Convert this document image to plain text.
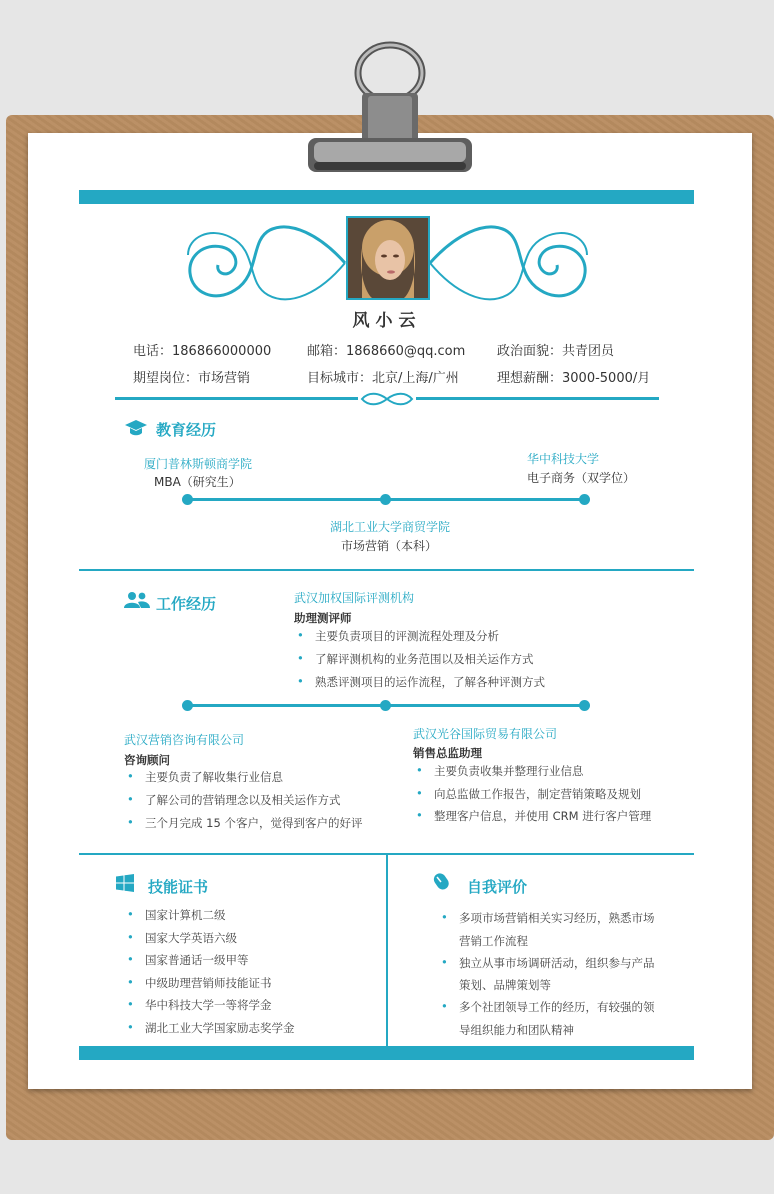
风小云
电话：186866000000	邮箱：1868660@qq.com 政治面貌：共青团员
期望岗位：市场营销	目标城市：北京/上海/广州	理想薪酬：3000-5000/月
教育经历
厦门普林斯顿商学院
MBA（研究生）
华中科技大学
电子商务（双学位）
湖北工业大学商贸学院
市场营销（本科）
工作经历	武汉加权国际评测机构
助理测评师
• 主要负责项目的评测流程处理及分析
• 了解评测机构的业务范围以及相关运作方式
• 熟悉评测项目的运作流程，了解各种评测方式
武汉营销咨询有限公司
咨询顾问
• 主要负责了解收集行业信息
• 了解公司的营销理念以及相关运作方式
• 三个月完成 15 个客户，觉得到客户的好评
武汉光谷国际贸易有限公司
销售总监助理
• 主要负责收集并整理行业信息
• 向总监做工作报告，制定营销策略及规划
• 整理客户信息，并使用 CRM 进行客户管理
技能证书
• 国家计算机二级
• 国家大学英语六级
• 国家普通话一级甲等
• 中级助理营销师技能证书
• 华中科技大学一等将学金
• 湖北工业大学国家励志奖学金
自我评价
• 多项市场营销相关实习经历，熟悉市场
营销工作流程
• 独立从事市场调研活动，组织参与产品
策划、品牌策划等
• 多个社团领导工作的经历，有较强的领
导组织能力和团队精神
